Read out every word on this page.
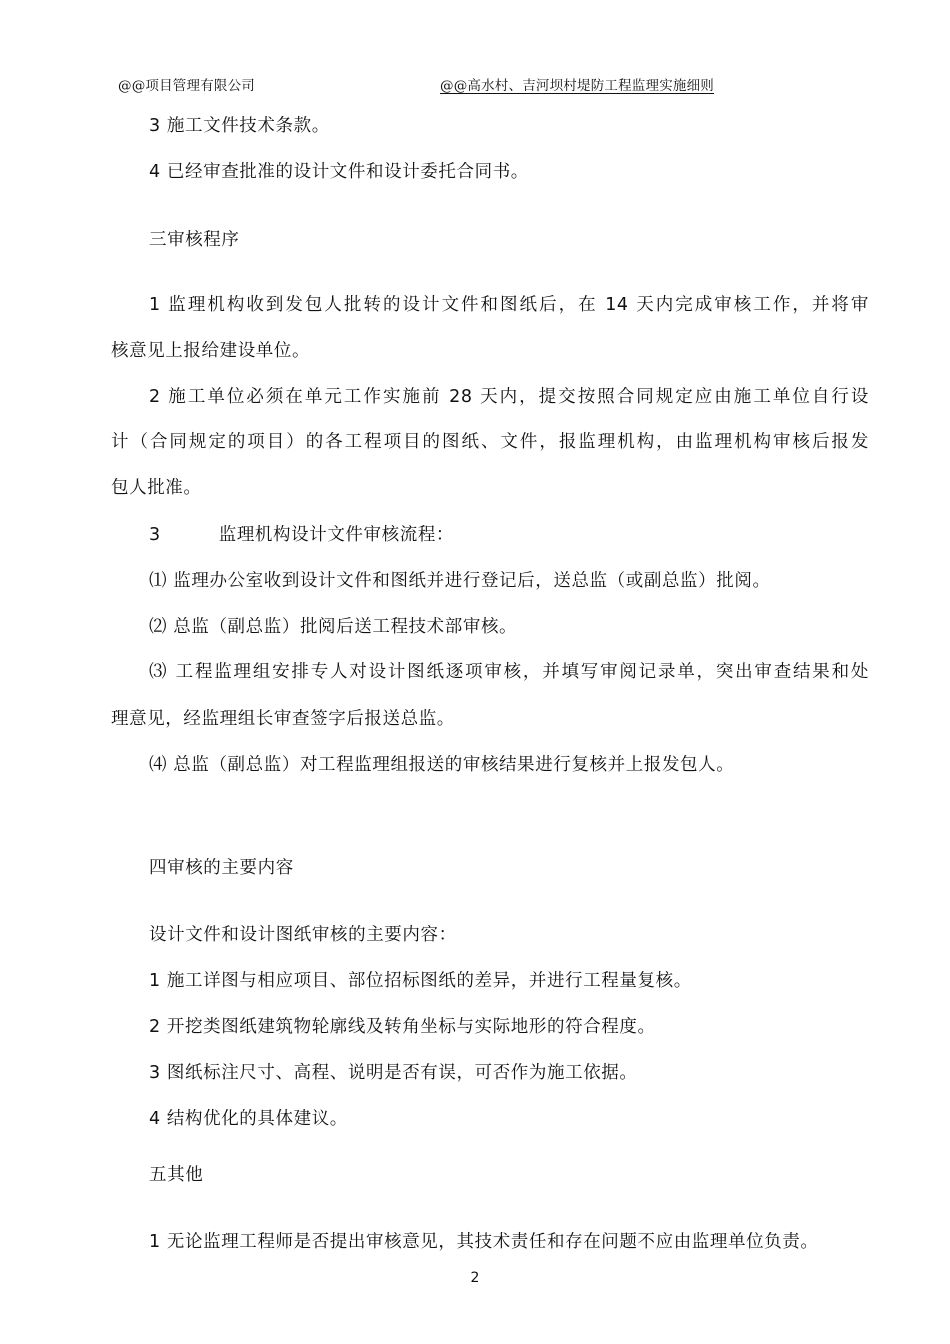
@@项目管理有限公司	@@高水村、吉河坝村堤防工程监理实施细则
3 施工文件技术条款。
4 已经审查批准的设计文件和设计委托合同书。
三审核程序
1 监理机构收到发包人批转的设计文件和图纸后，在 14 天内完成审核工作，并将审
核意见上报给建设单位。
2 施工单位必须在单元工作实施前 28 天内，提交按照合同规定应由施工单位自行设
计（合同规定的项目）的各工程项目的图纸、文件，报监理机构，由监理机构审核后报发
包人批准。
3	监理机构设计文件审核流程：
⑴ 监理办公室收到设计文件和图纸并进行登记后，送总监（或副总监）批阅。
⑵ 总监（副总监）批阅后送工程技术部审核。
⑶ 工程监理组安排专人对设计图纸逐项审核，并填写审阅记录单，突出审查结果和处
理意见，经监理组长审查签字后报送总监。
⑷ 总监（副总监）对工程监理组报送的审核结果进行复核并上报发包人。
四审核的主要内容
设计文件和设计图纸审核的主要内容：
1 施工详图与相应项目、部位招标图纸的差异，并进行工程量复核。
2 开挖类图纸建筑物轮廓线及转角坐标与实际地形的符合程度。
3 图纸标注尺寸、高程、说明是否有误，可否作为施工依据。
4 结构优化的具体建议。
五其他
1 无论监理工程师是否提出审核意见，其技术责任和存在问题不应由监理单位负责。
2
